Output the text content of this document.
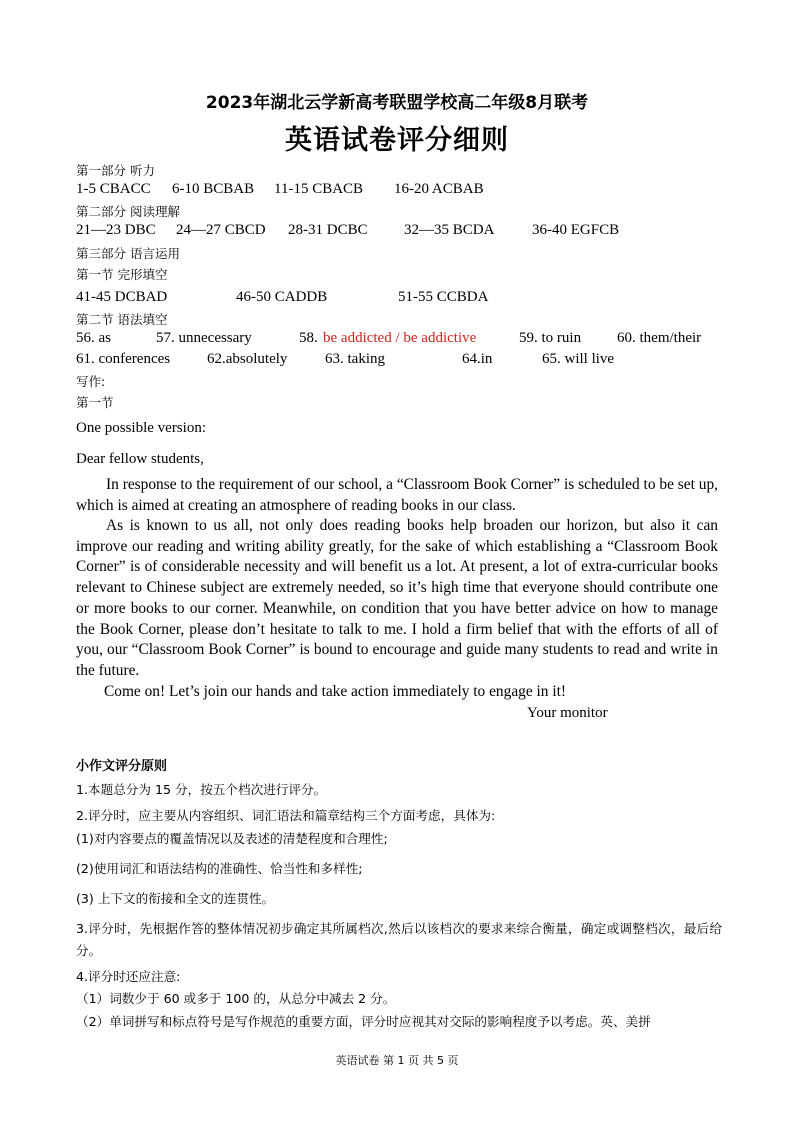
2023年湖北云学新高考联盟学校高二年级8月联考
英语试卷评分细则
第一部分 听力
1-5 CBACC 6-10 BCBAB 11-15 CBACB 16-20 ACBAB
第二部分 阅读理解
21—23 DBC 24—27 CBCD 28-31 DCBC 32—35 BCDA	36-40 EGFCB
第三部分 语言运用
第一节 完形填空
41-45 DCBAD	46-50 CADDB	51-55 CCBDA
第二节 语法填空
56. as	57. unnecessary	58. be addicted / be addictive	59. to ruin 60. them/their
61. conferences 62.absolutely	63. taking	64.in	65. will live
写作:
第一节
One possible version:
Dear fellow students,
In response to the requirement of our school, a “Classroom Book Corner” is scheduled to be set up, which is aimed at creating an atmosphere of reading books in our class.
As is known to us all, not only does reading books help broaden our horizon, but also it can improve our reading and writing ability greatly, for the sake of which establishing a “Classroom Book Corner” is of considerable necessity and will benefit us a lot. At present, a lot of extra-curricular books relevant to Chinese subject are extremely needed, so it’s high time that everyone should contribute one or more books to our corner. Meanwhile, on condition that you have better advice on how to manage the Book Corner, please don’t hesitate to talk to me. I hold a firm belief that with the efforts of all of you, our “Classroom Book Corner” is bound to encourage and guide many students to read and write in the future.
Come on! Let’s join our hands and take action immediately to engage in it!
Your monitor
小作文评分原则
1.本题总分为 15 分，按五个档次进行评分。
2.评分时，应主要从内容组织、词汇语法和篇章结构三个方面考虑，具体为:
(1)对内容要点的覆盖情况以及表述的清楚程度和合理性;
(2)使用词汇和语法结构的准确性、恰当性和多样性;
(3) 上下文的衔接和全文的连贯性。
3.评分时，先根据作答的整体情况初步确定其所属档次,然后以该档次的要求来综合衡量，确定或调整档次，最后给分。
4.评分时还应注意:
（1）词数少于 60 或多于 100 的，从总分中减去 2 分。
（2）单词拼写和标点符号是写作规范的重要方面，评分时应视其对交际的影响程度予以考虑。英、美拼
英语试卷 第 1 页 共 5 页
